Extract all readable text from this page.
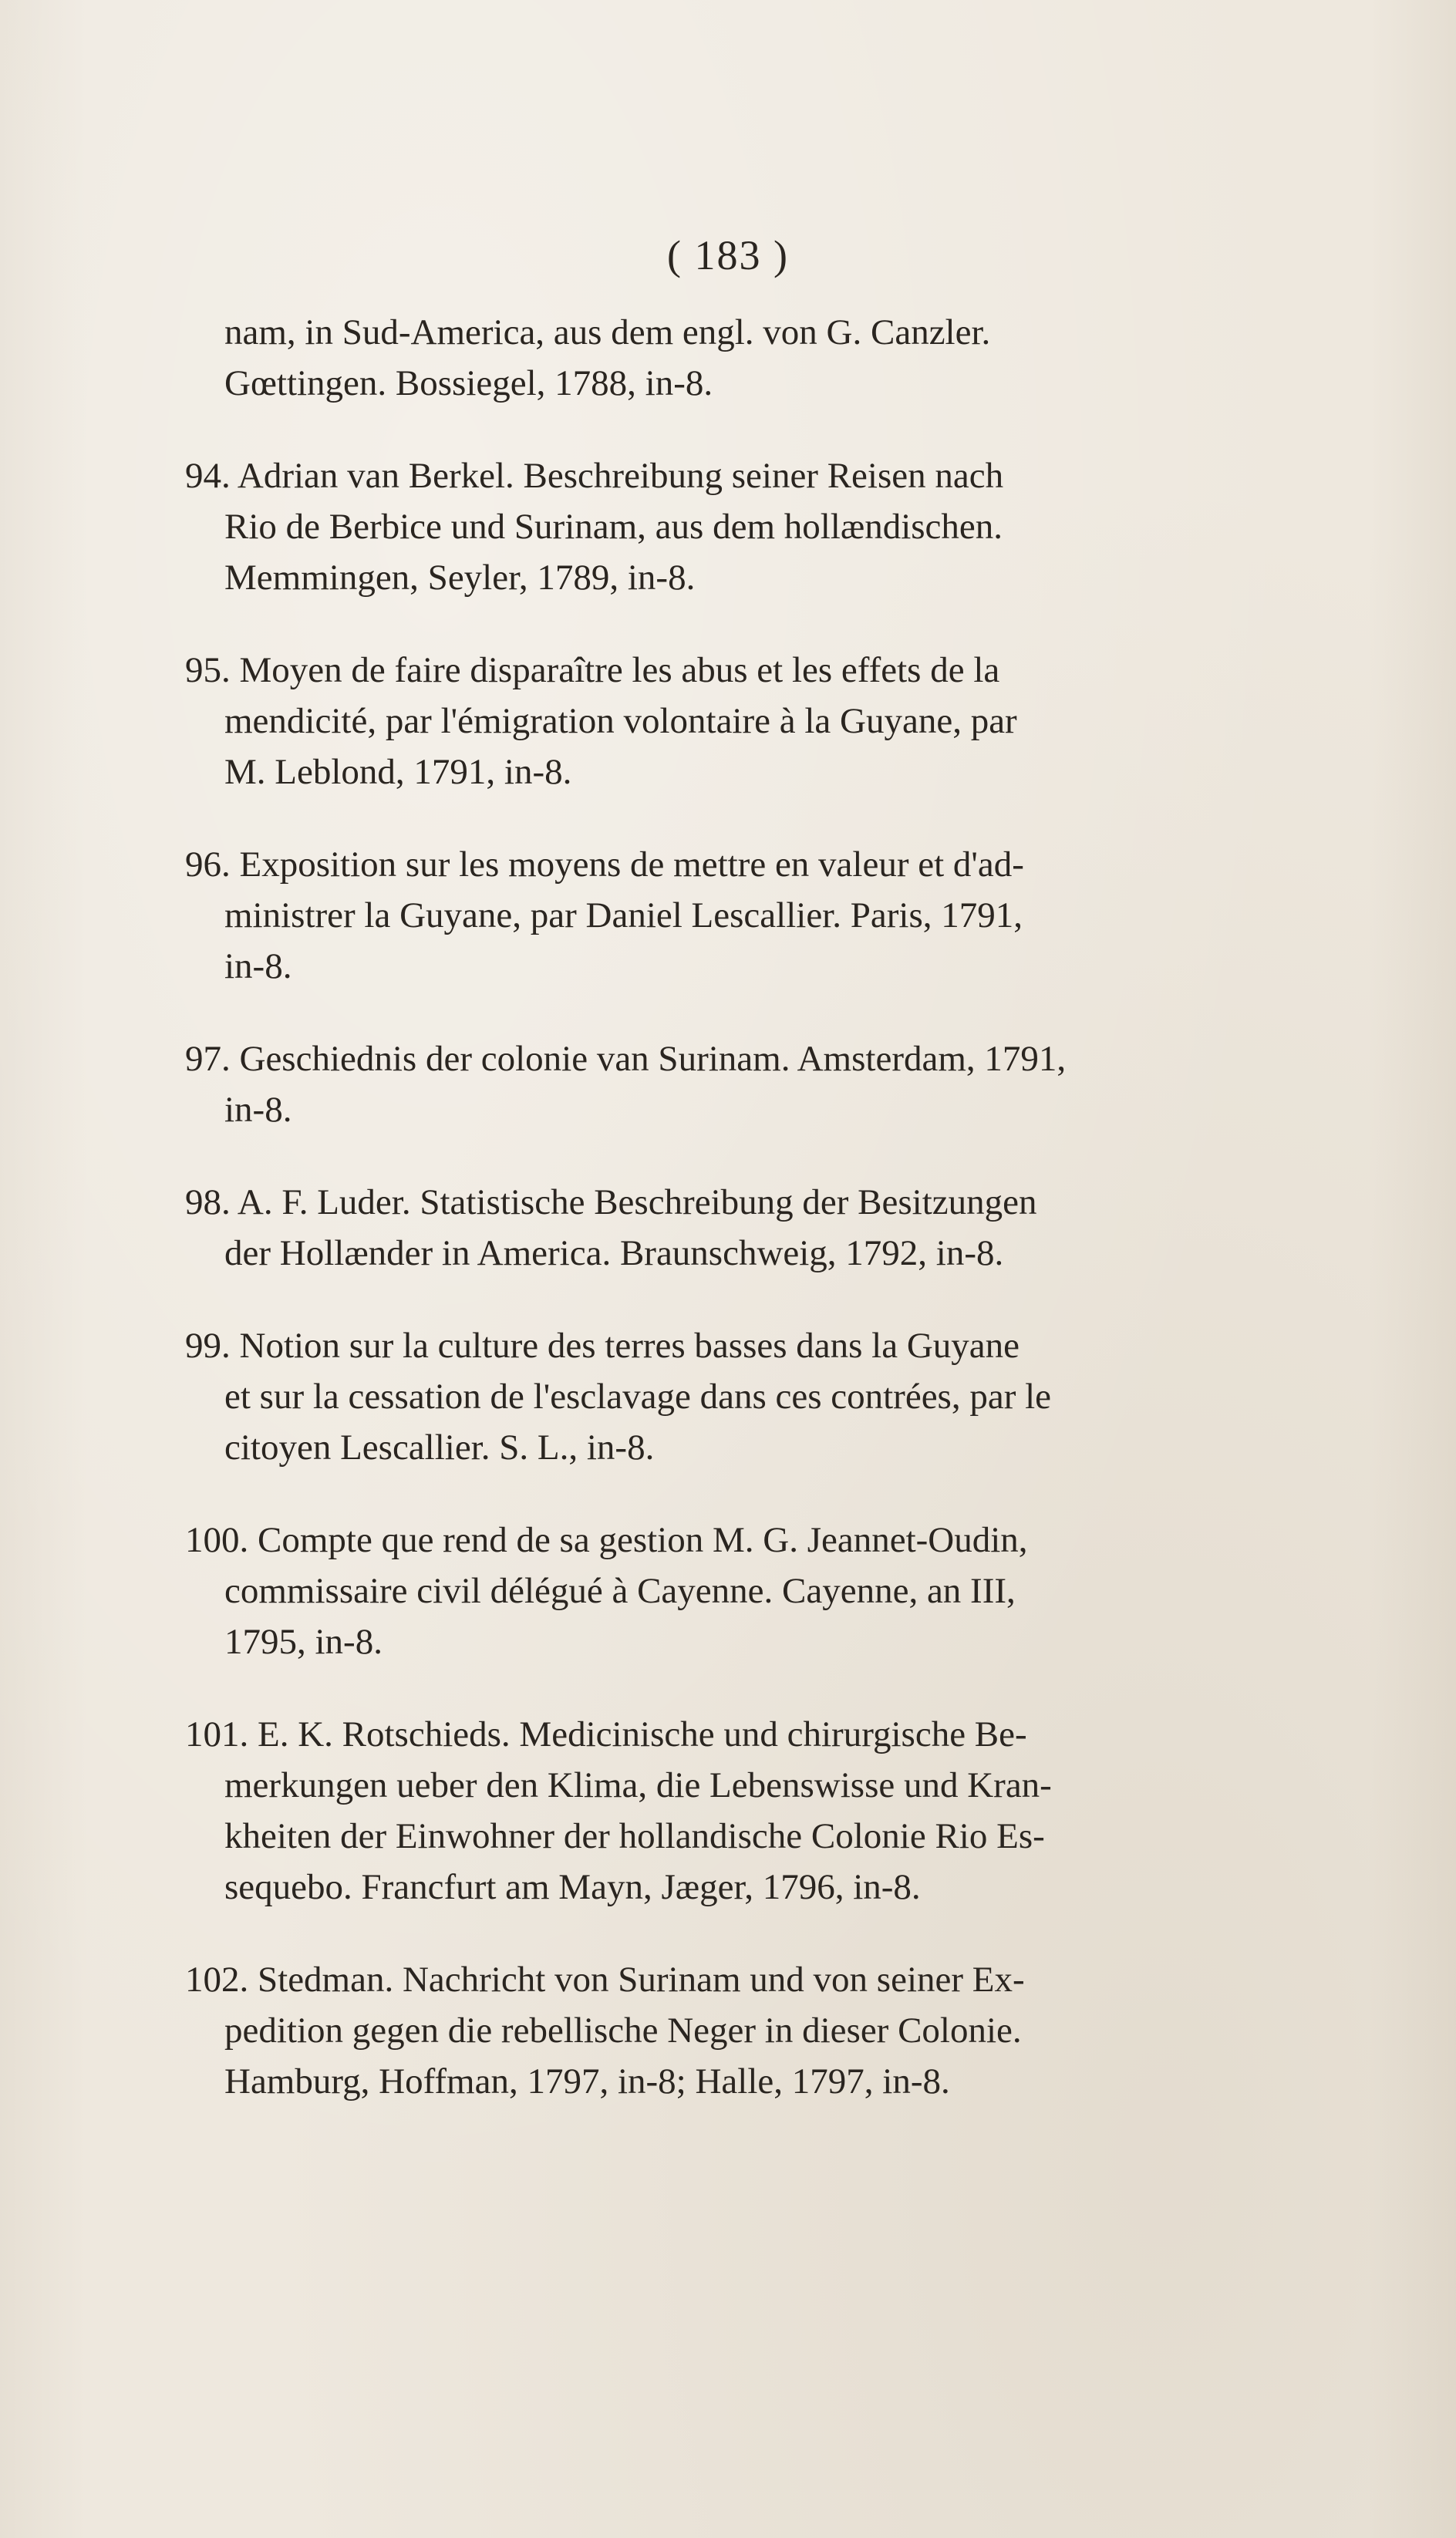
( 183 )
nam, in Sud-America, aus dem engl. von G. Canzler.
Gœttingen. Bossiegel, 1788, in-8.
94. Adrian van Berkel. Beschreibung seiner Reisen nach
Rio de Berbice und Surinam, aus dem hollændischen.
Memmingen, Seyler, 1789, in-8.
95. Moyen de faire disparaître les abus et les effets de la
mendicité, par l'émigration volontaire à la Guyane, par
M. Leblond, 1791, in-8.
96. Exposition sur les moyens de mettre en valeur et d'ad-
ministrer la Guyane, par Daniel Lescallier. Paris, 1791,
in-8.
97. Geschiednis der colonie van Surinam. Amsterdam, 1791,
in-8.
98. A. F. Luder. Statistische Beschreibung der Besitzungen
der Hollænder in America. Braunschweig, 1792, in-8.
99. Notion sur la culture des terres basses dans la Guyane
et sur la cessation de l'esclavage dans ces contrées, par le
citoyen Lescallier. S. L., in-8.
100. Compte que rend de sa gestion M. G. Jeannet-Oudin,
commissaire civil délégué à Cayenne. Cayenne, an III,
1795, in-8.
101. E. K. Rotschieds. Medicinische und chirurgische Be-
merkungen ueber den Klima, die Lebenswisse und Kran-
kheiten der Einwohner der hollandische Colonie Rio Es-
sequebo. Francfurt am Mayn, Jæger, 1796, in-8.
102. Stedman. Nachricht von Surinam und von seiner Ex-
pedition gegen die rebellische Neger in dieser Colonie.
Hamburg, Hoffman, 1797, in-8; Halle, 1797, in-8.
